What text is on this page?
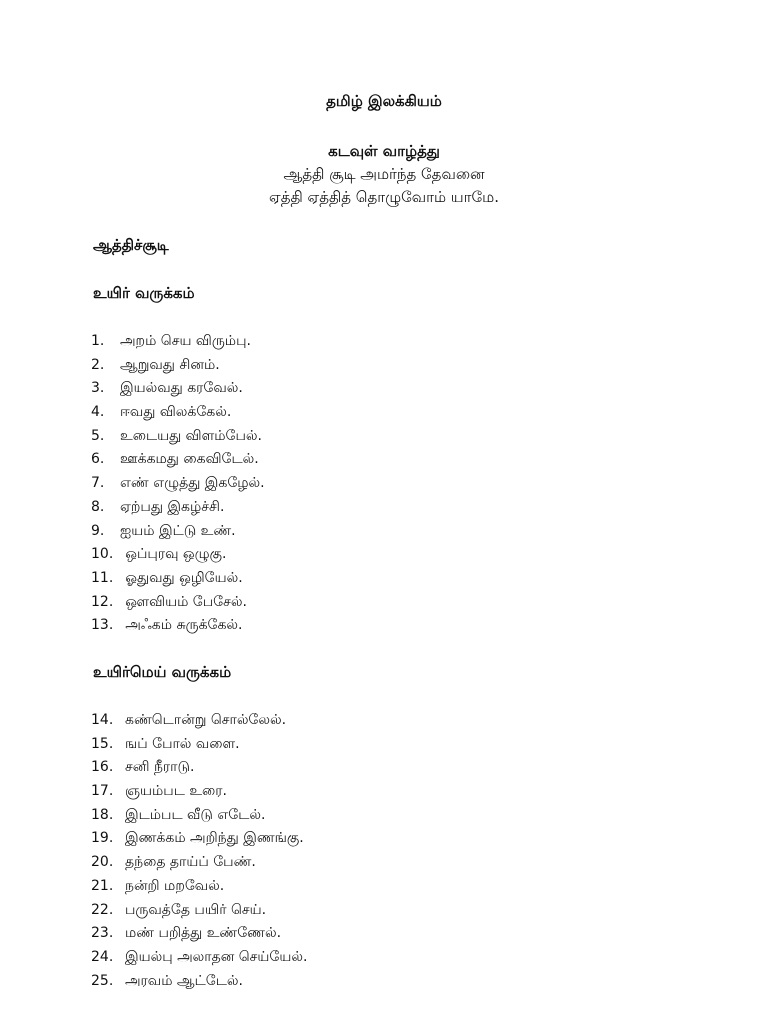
தமிழ் இலக்கியம்
கடவுள் வாழ்த்து
ஆத்தி சூடி அமர்ந்த தேவனை
ஏத்தி ஏத்தித் தொழுவோம் யாமே.
ஆத்திச்சூடி
உயிர் வருக்கம்
1. அறம் செய விரும்பு.
2. ஆறுவது சினம்.
3. இயல்வது கரவேல்.
4. ஈவது விலக்கேல்.
5. உடையது விளம்பேல்.
6. ஊக்கமது கைவிடேல்.
7. எண் எழுத்து இகழேல்.
8. ஏற்பது இகழ்ச்சி.
9. ஐயம் இட்டு உண்.
10. ஒப்புரவு ஒழுகு.
11. ஓதுவது ஒழியேல்.
12. ஔவியம் பேசேல்.
13. அஃகம் சுருக்கேல்.
உயிர்மெய் வருக்கம்
14. கண்டொன்று சொல்லேல்.
15. ஙப் போல் வளை.
16. சனி நீராடு.
17. ஞயம்பட உரை.
18. இடம்பட வீடு எடேல்.
19. இணக்கம் அறிந்து இணங்கு.
20. தந்தை தாய்ப் பேண்.
21. நன்றி மறவேல்.
22. பருவத்தே பயிர் செய்.
23. மண் பறித்து உண்ணேல்.
24. இயல்பு அலாதன செய்யேல்.
25. அரவம் ஆட்டேல்.
